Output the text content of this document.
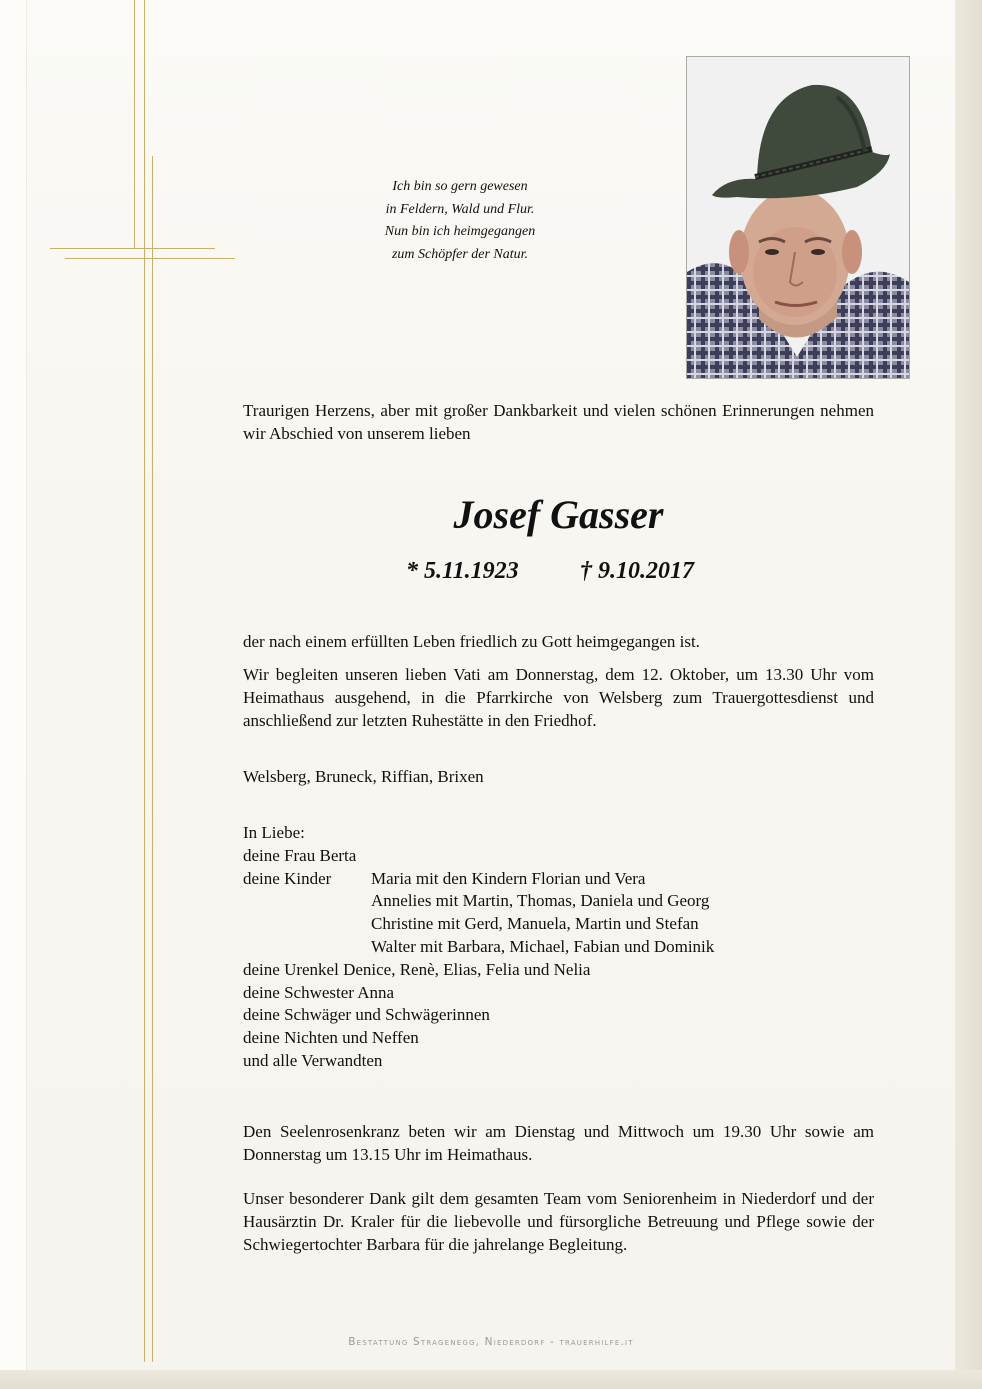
Ich bin so gern gewesen
in Feldern, Wald und Flur.
Nun bin ich heimgegangen
zum Schöpfer der Natur.
Traurigen Herzens, aber mit großer Dankbarkeit und vielen schönen Erinnerungen nehmen wir Abschied von unserem lieben
Josef Gasser
* 5.11.1923	† 9.10.2017
der nach einem erfüllten Leben friedlich zu Gott heimgegangen ist.
Wir begleiten unseren lieben Vati am Donnerstag, dem 12. Oktober, um 13.30 Uhr vom Heimathaus ausgehend, in die Pfarrkirche von Welsberg zum Trauergottesdienst und anschließend zur letzten Ruhestätte in den Friedhof.
Welsberg, Bruneck, Riffian, Brixen
In Liebe:
deine Frau Berta
deine Kinder	Maria mit den Kindern Florian und Vera
Annelies mit Martin, Thomas, Daniela und Georg
Christine mit Gerd, Manuela, Martin und Stefan
Walter mit Barbara, Michael, Fabian und Dominik
deine Urenkel Denice, Renè, Elias, Felia und Nelia
deine Schwester Anna
deine Schwäger und Schwägerinnen
deine Nichten und Neffen
und alle Verwandten
Den Seelenrosenkranz beten wir am Dienstag und Mittwoch um 19.30 Uhr sowie am Donnerstag um 13.15 Uhr im Heimathaus.
Unser besonderer Dank gilt dem gesamten Team vom Seniorenheim in Niederdorf und der Hausärztin Dr. Kraler für die liebevolle und fürsorgliche Betreuung und Pflege sowie der Schwiegertochter Barbara für die jahrelange Begleitung.
Bestattung Stragenegg, Niederdorf - trauerhilfe.it
